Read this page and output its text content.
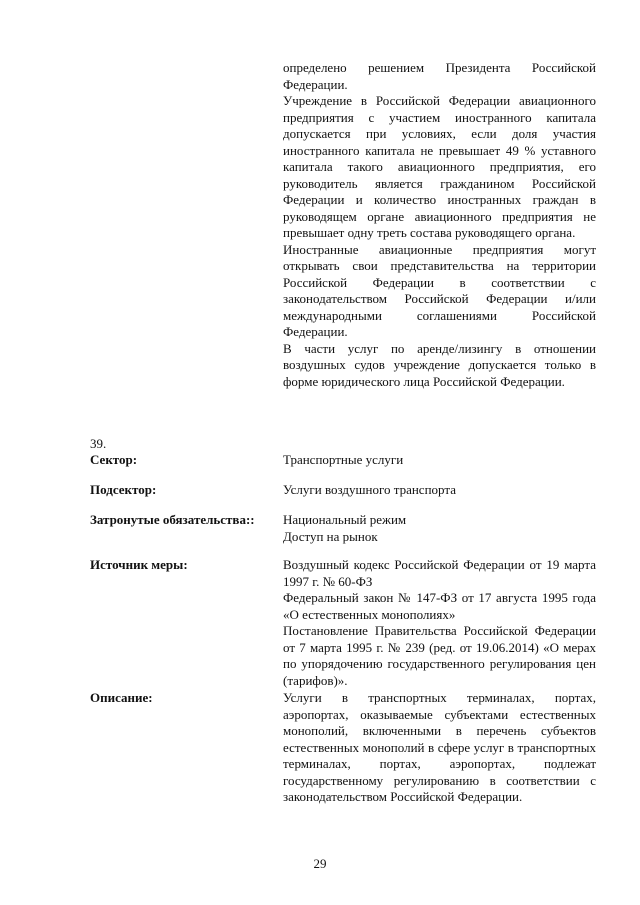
определено решением Президента Российской Федерации.

Учреждение в Российской Федерации авиационного предприятия с участием иностранного капитала допускается при условиях, если доля участия иностранного капитала не превышает 49 % уставного капитала такого авиационного предприятия, его руководитель является гражданином Российской Федерации и количество иностранных граждан в руководящем органе авиационного предприятия не превышает одну треть состава руководящего органа.

Иностранные авиационные предприятия могут открывать свои представительства на территории Российской Федерации в соответствии с законодательством Российской Федерации и/или международными соглашениями Российской Федерации.

В части услуг по аренде/лизингу в отношении воздушных судов учреждение допускается только в форме юридического лица Российской Федерации.

39.
Сектор:	Транспортные услуги
Подсектор:	Услуги воздушного транспорта
Затронутые обязательства:: Национальный режим
Доступ на рынок
Источник меры:	Воздушный кодекс Российской Федерации от 19 марта 1997 г. № 60-ФЗ

Федеральный закон № 147-ФЗ от 17 августа 1995 года «О естественных монополиях»

Постановление Правительства Российской Федерации от 7 марта 1995 г. № 239 (ред. от 19.06.2014) «О мерах по упорядочению государственного регулирования цен (тарифов)».

Описание:	Услуги в транспортных терминалах, портах, аэропортах, оказываемые субъектами естественных монополий, включенными в перечень субъектов естественных монополий в сфере услуг в транспортных терминалах, портах, аэропортах, подлежат государственному регулированию в соответствии с законодательством Российской Федерации.

29
